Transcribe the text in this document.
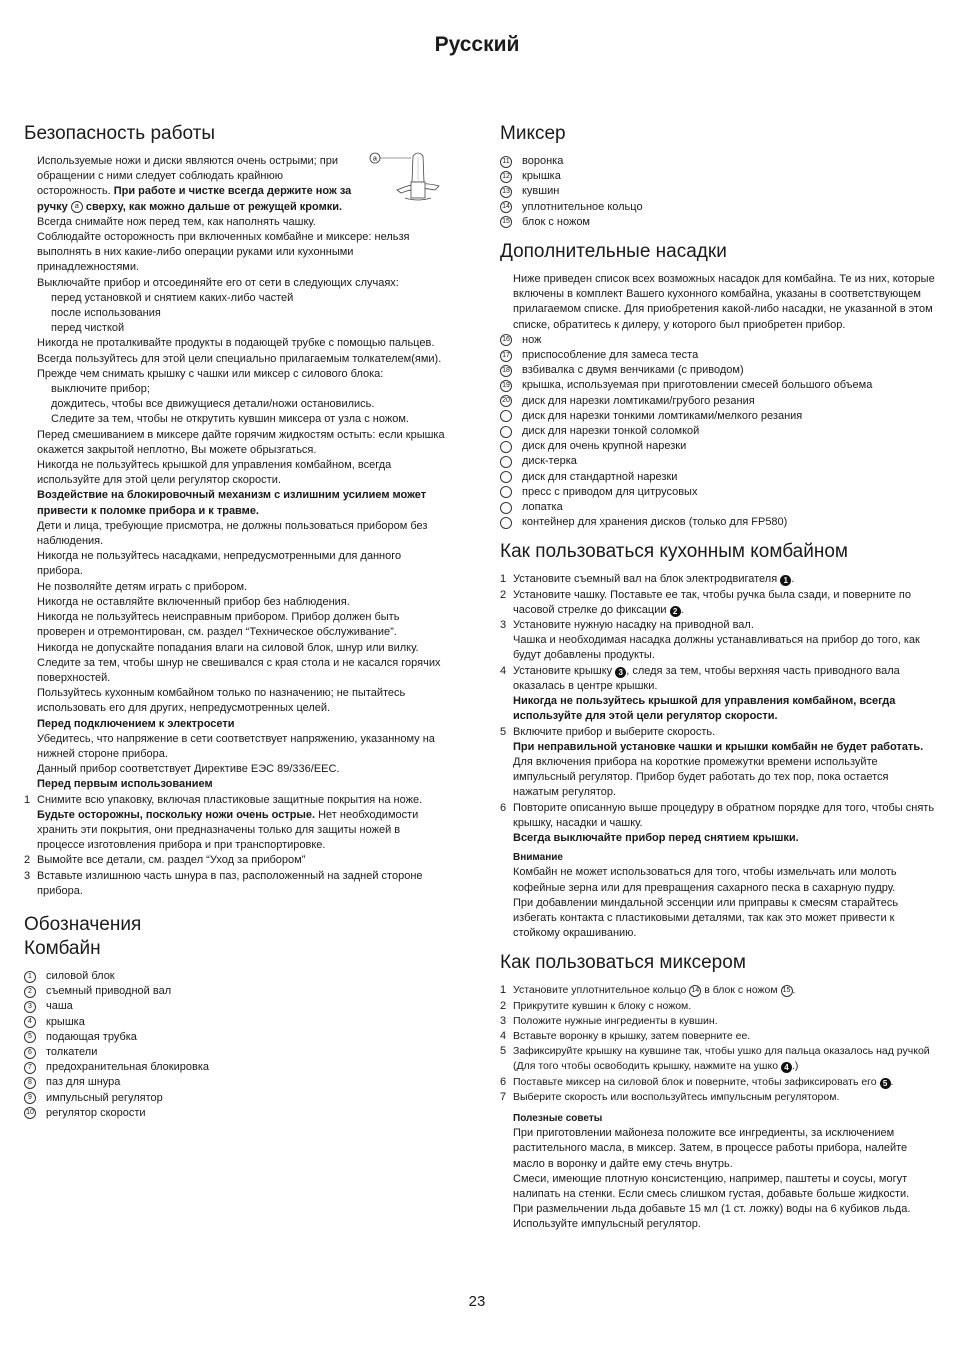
Русский
Безопасность работы
a
Используемые ножи и диски являются очень острыми; при обращении с ними следует соблюдать крайнюю осторожность. При работе и чистке всегда держите нож за ручку a сверху, как можно дальше от режущей кромки.
Всегда снимайте нож перед тем, как наполнять чашку.
Соблюдайте осторожность при включенных комбайне и миксере: нельзя выполнять в них какие-либо операции руками или кухонными принадлежностями.
Выключайте прибор и отсоединяйте его от сети в следующих случаях:
перед установкой и снятием каких-либо частей
после использования
перед чисткой
Никогда не проталкивайте продукты в подающей трубке с помощью пальцев. Всегда пользуйтесь для этой цели специально прилагаемым толкателем(ями).
Прежде чем снимать крышку с чашки или миксер с силового блока:
выключите прибор;
дождитесь, чтобы все движущиеся детали/ножи остановились.
Следите за тем, чтобы не открутить кувшин миксера от узла с ножом.
Перед смешиванием в миксере дайте горячим жидкостям остыть: если крышка окажется закрытой неплотно, Вы можете обрызгаться.
Никогда не пользуйтесь крышкой для управления комбайном, всегда используйте для этой цели регулятор скорости.
Воздействие на блокировочный механизм с излишним усилием может привести к поломке прибора и к травме.
Дети и лица, требующие присмотра, не должны пользоваться прибором без наблюдения.
Никогда не пользуйтесь насадками, непредусмотренными для данного прибора.
Не позволяйте детям играть с прибором.
Никогда не оставляйте включенный прибор без наблюдения.
Никогда не пользуйтесь неисправным прибором. Прибор должен быть проверен и отремонтирован, см. раздел “Техническое обслуживание”.
Никогда не допускайте попадания влаги на силовой блок, шнур или вилку. Следите за тем, чтобы шнур не свешивался с края стола и не касался горячих поверхностей.
Пользуйтесь кухонным комбайном только по назначению; не пытайтесь использовать его для других, непредусмотренных целей.
Перед подключением к электросети
Убедитесь, что напряжение в сети соответствует напряжению, указанному на нижней стороне прибора.
Данный прибор соответствует Директиве ЕЭС 89/336/EEC.
Перед первым использованием
1 Снимите всю упаковку, включая пластиковые защитные покрытия на ноже. Будьте осторожны, поскольку ножи очень острые. Нет необходимости хранить эти покрытия, они предназначены только для защиты ножей в процессе изготовления прибора и при транспортировке.
2 Вымойте все детали, см. раздел “Уход за прибором”
3 Вставьте излишнюю часть шнура в паз, расположенный на задней стороне прибора.
Обозначения
Комбайн
1	силовой блок
2	съемный приводной вал
3	чаша
4	крышка
5	подающая трубка
6	толкатели
7	предохранительная блокировка
8	паз для шнура
9	импульсный регулятор
10	регулятор скорости
Миксер
11	воронка
12	крышка
13	кувшин
14	уплотнительное кольцо
15	блок с ножом
Дополнительные насадки
Ниже приведен список всех возможных насадок для комбайна. Те из них, которые включены в комплект Вашего кухонного комбайна, указаны в соответствующем прилагаемом списке. Для приобретения какой-либо насадки, не указанной в этом списке, обратитесь к дилеру, у которого был приобретен прибор.
16	нож
17	приспособление для замеса теста
18	взбивалка с двумя венчиками (с приводом)
19	крышка, используемая при приготовлении смесей большого объема
20	диск для нарезки ломтиками/грубого резания
диск для нарезки тонкими ломтиками/мелкого резания
диск для нарезки тонкой соломкой
диск для очень крупной нарезки
диск-терка
диск для стандартной нарезки
пресс с приводом для цитрусовых
лопатка
контейнер для хранения дисков (только для FP580)
Как пользоваться кухонным комбайном
1 Установите съемный вал на блок электродвигателя 1 .
2 Установите чашку. Поставьте ее так, чтобы ручка была сзади, и поверните по часовой стрелке до фиксации 2 .
3 Установите нужную насадку на приводной вал.
Чашка и необходимая насадка должны устанавливаться на прибор до того, как будут добавлены продукты.
4 Установите крышку 3 , следя за тем, чтобы верхняя часть приводного вала оказалась в центре крышки.
Никогда не пользуйтесь крышкой для управления комбайном, всегда используйте для этой цели регулятор скорости.
5 Включите прибор и выберите скорость.
При неправильной установке чашки и крышки комбайн не будет работать.
Для включения прибора на короткие промежутки времени используйте импульсный регулятор. Прибор будет работать до тех пор, пока остается нажатым регулятор.
6 Повторите описанную выше процедуру в обратном порядке для того, чтобы снять крышку, насадки и чашку.
Всегда выключайте прибор перед снятием крышки.
Внимание
Комбайн не может использоваться для того, чтобы измельчать или молоть кофейные зерна или для превращения сахарного песка в сахарную пудру.
При добавлении миндальной эссенции или приправы к смесям старайтесь избегать контакта с пластиковыми деталями, так как это может привести к стойкому окрашиванию.
Как пользоваться миксером
1 Установите уплотнительное кольцо 14 в блок с ножом 15 .
2 Прикрутите кувшин к блоку с ножом.
3 Положите нужные ингредиенты в кувшин.
4 Вставьте воронку в крышку, затем поверните ее.
5 Зафиксируйте крышку на кувшине так, чтобы ушко для пальца оказалось над ручкой (Для того чтобы освободить крышку, нажмите на ушко 4 .)
6 Поставьте миксер на силовой блок и поверните, чтобы зафиксировать его 5 .
7 Выберите скорость или воспользуйтесь импульсным регулятором.
Полезные советы
При приготовлении майонеза положите все ингредиенты, за исключением растительного масла, в миксер. Затем, в процессе работы прибора, налейте масло в воронку и дайте ему стечь внутрь.
Смеси, имеющие плотную консистенцию, например, паштеты и соусы, могут налипать на стенки. Если смесь слишком густая, добавьте больше жидкости.
При размельчении льда добавьте 15 мл (1 ст. ложку) воды на 6 кубиков льда. Используйте импульсный регулятор.
23
